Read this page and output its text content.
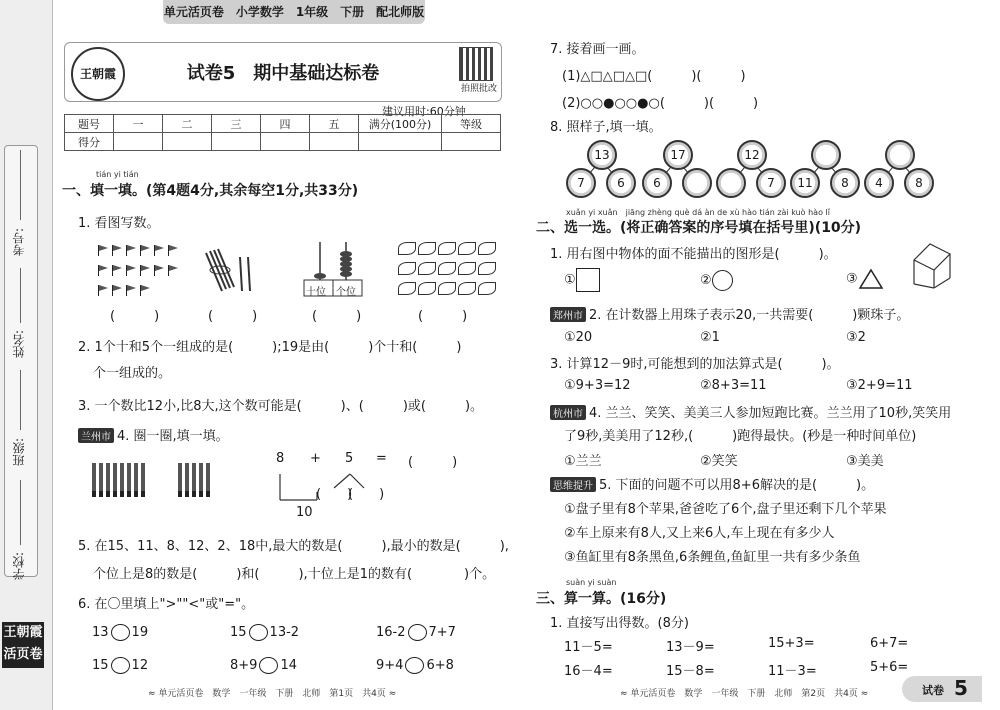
考号:
姓名:
班级:
学校:
王朝霞 活页卷
单元活页卷　小学数学　1年级　下册　配北师版
王朝霞	试卷5　期中基础达标卷
拍照批改
建议用时:60分钟
题号	一	二	三	四	五	满分(100分)	等级
得分							
tián yi tián
一、填一填。(第4题4分,其余每空1分,共33分)
1. 看图写数。
十位 个位
(　　　)	(　　　)	(　　　)	(　　　)
2. 1个十和5个一组成的是(　　　);19是由(　　　)个十和(　　　)
个一组成的。
3. 一个数比12小,比8大,这个数可能是(　　　)、(　　　)或(　　　)。
兰州市 4. 圈一圈,填一填。
8 + 5 = (　　　)
(　　)
(　　)
10
5. 在15、11、8、12、2、18中,最大的数是(　　　),最小的数是(　　　),
个位上是8的数是(　　　)和(　　　),十位上是1的数有(　　　　)个。
6. 在〇里填上">""<"或"="。
13 19	15 13-2	16-2 7+7
15 12	8+9 14	9+4 6+8
≈ 单元活页卷　数学　一年级　下册　北师　第1页　共4页 ≈
7. 接着画一画。
(1)△□△□△□(　　　)(　　　)
(2)○○●○○●○(　　　)(　　　)
8. 照样子,填一填。
13
7	6
17
6
12
7	11	8	4	8
xuǎn yi xuǎn　jiāng zhèng què dá àn de xù hào tián zài kuò hào lǐ
二、选一选。(将正确答案的序号填在括号里)(10分)
1. 用右图中物体的面不能描出的图形是(　　　)。
①	②	③
郑州市 2. 在计数器上用珠子表示20,一共需要(　　　)颗珠子。
①20	②1	③2
3. 计算12－9时,可能想到的加法算式是(　　　)。
①9+3=12	②8+3=11	③2+9=11
杭州市 4. 兰兰、笑笑、美美三人参加短跑比赛。兰兰用了10秒,笑笑用
了9秒,美美用了12秒,(　　　)跑得最快。(秒是一种时间单位)
①兰兰	②笑笑	③美美
思维提升 5. 下面的问题不可以用8+6解决的是(　　　)。
①盘子里有8个苹果,爸爸吃了6个,盘子里还剩下几个苹果
②车上原来有8人,又上来6人,车上现在有多少人
③鱼缸里有8条黑鱼,6条鲤鱼,鱼缸里一共有多少条鱼
suàn yi suàn
三、算一算。(16分)
1. 直接写出得数。(8分)
11－5=	13－9=	15+3=	6+7=
16－4=	15－8=	11－3=	5+6=
≈ 单元活页卷　数学　一年级　下册　北师　第2页　共4页 ≈	试卷 5
